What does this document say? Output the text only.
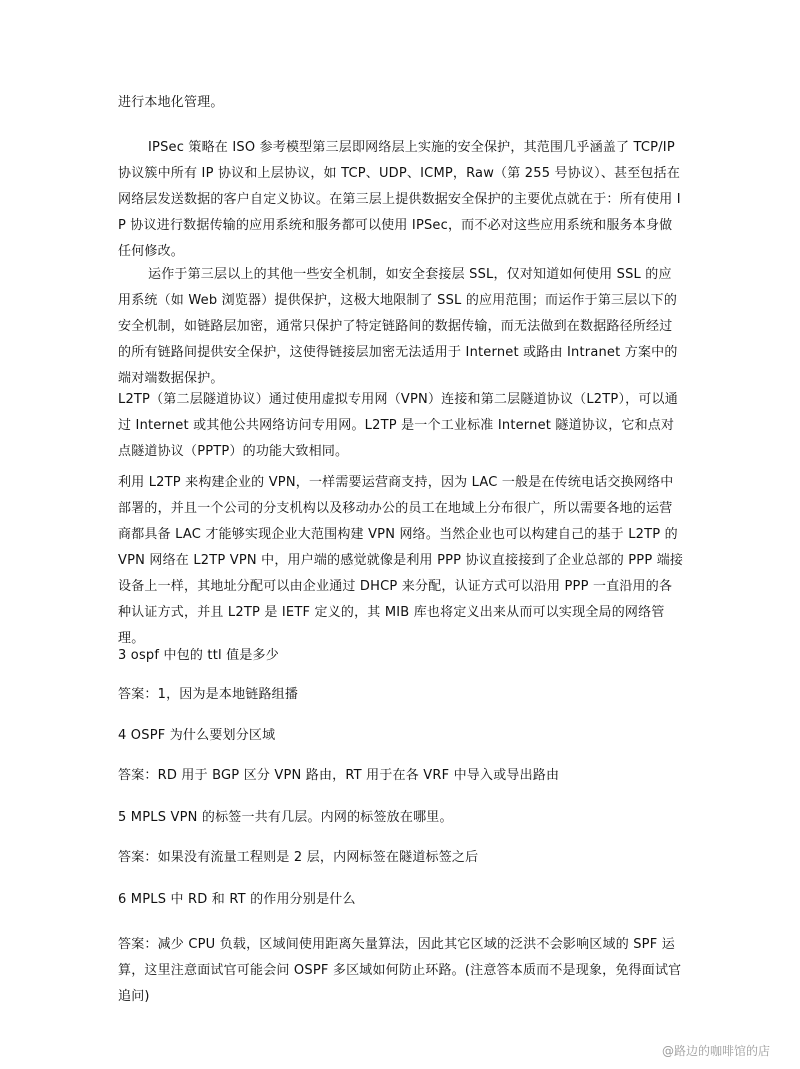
进行本地化管理。

IPSec 策略在 ISO 参考模型第三层即网络层上实施的安全保护，其范围几乎涵盖了 TCP/IP 协议簇中所有 IP 协议和上层协议，如 TCP、UDP、ICMP，Raw（第 255 号协议）、甚至包括在网络层发送数据的客户自定义协议。在第三层上提供数据安全保护的主要优点就在于：所有使用 IP 协议进行数据传输的应用系统和服务都可以使用 IPSec，而不必对这些应用系统和服务本身做任何修改。

运作于第三层以上的其他一些安全机制，如安全套接层 SSL，仅对知道如何使用 SSL 的应用系统（如 Web 浏览器）提供保护，这极大地限制了 SSL 的应用范围；而运作于第三层以下的安全机制，如链路层加密，通常只保护了特定链路间的数据传输，而无法做到在数据路径所经过的所有链路间提供安全保护，这使得链接层加密无法适用于 Internet 或路由 Intranet 方案中的端对端数据保护。

L2TP（第二层隧道协议）通过使用虚拟专用网（VPN）连接和第二层隧道协议（L2TP），可以通过 Internet 或其他公共网络访问专用网。L2TP 是一个工业标准 Internet 隧道协议，它和点对点隧道协议（PPTP）的功能大致相同。

利用 L2TP 来构建企业的 VPN，一样需要运营商支持，因为 LAC 一般是在传统电话交换网络中部署的，并且一个公司的分支机构以及移动办公的员工在地域上分布很广，所以需要各地的运营商都具备 LAC 才能够实现企业大范围构建 VPN 网络。当然企业也可以构建自己的基于 L2TP 的 VPN 网络在 L2TP VPN 中，用户端的感觉就像是利用 PPP 协议直接接到了企业总部的 PPP 端接设备上一样，其地址分配可以由企业通过 DHCP 来分配，认证方式可以沿用 PPP 一直沿用的各种认证方式，并且 L2TP 是 IETF 定义的，其 MIB 库也将定义出来从而可以实现全局的网络管理。

3 ospf 中包的 ttl 值是多少

答案：1，因为是本地链路组播

4 OSPF 为什么要划分区域

答案：RD 用于 BGP 区分 VPN 路由，RT 用于在各 VRF 中导入或导出路由

5 MPLS VPN 的标签一共有几层。内网的标签放在哪里。

答案：如果没有流量工程则是 2 层，内网标签在隧道标签之后

6 MPLS 中 RD 和 RT 的作用分别是什么

答案：减少 CPU 负载，区域间使用距离矢量算法，因此其它区域的泛洪不会影响区域的 SPF 运算，这里注意面试官可能会问 OSPF 多区域如何防止环路。(注意答本质而不是现象，免得面试官追问)

@路边的咖啡馆的店
